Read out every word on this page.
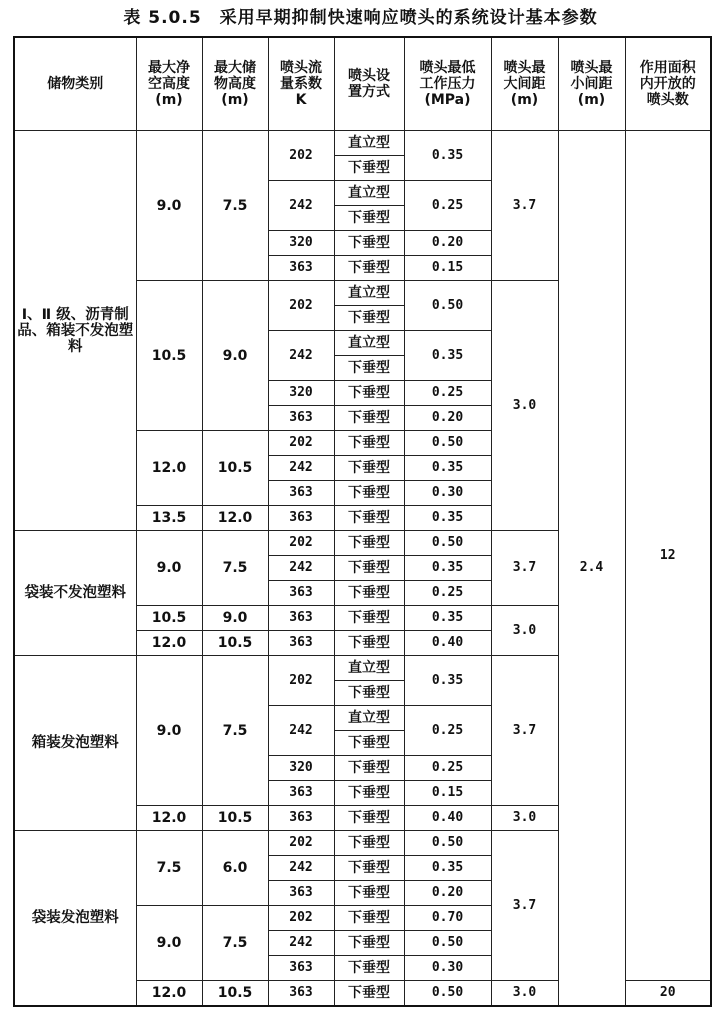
表 5.0.5　采用早期抑制快速响应喷头的系统设计基本参数
储物类别	最大净
空高度
(m)	最大储
物高度
(m)	喷头流
量系数
K	喷头设
置方式	喷头最低
工作压力
(MPa)	喷头最
大间距
(m)	喷头最
小间距
(m)	作用面积
内开放的
喷头数

Ⅰ、Ⅱ 级、沥青制品、箱装不发泡塑料	9.0	7.5	202	直立型	0.35	3.7	2.4	12
				下垂型				
			242	直立型	0.25			
				下垂型				
			320	下垂型	0.20			
			363	下垂型	0.15			
	10.5	9.0	202	直立型	0.50	3.0		
				下垂型				
			242	直立型	0.35			
				下垂型				
			320	下垂型	0.25			
			363	下垂型	0.20			
	12.0	10.5	202	下垂型	0.50			
			242	下垂型	0.35			
			363	下垂型	0.30			
	13.5	12.0	363	下垂型	0.35			
袋装不发泡塑料	9.0	7.5	202	下垂型	0.50	3.7		
			242	下垂型	0.35			
			363	下垂型	0.25			
	10.5	9.0	363	下垂型	0.35	3.0		
	12.0	10.5	363	下垂型	0.40			
箱装发泡塑料	9.0	7.5	202	直立型	0.35	3.7		
				下垂型				
			242	直立型	0.25			
				下垂型				
			320	下垂型	0.25			
			363	下垂型	0.15			
	12.0	10.5	363	下垂型	0.40	3.0		
袋装发泡塑料	7.5	6.0	202	下垂型	0.50	3.7		
			242	下垂型	0.35			
			363	下垂型	0.20			
	9.0	7.5	202	下垂型	0.70			
			242	下垂型	0.50			
			363	下垂型	0.30			
	12.0	10.5	363	下垂型	0.50	3.0		20
